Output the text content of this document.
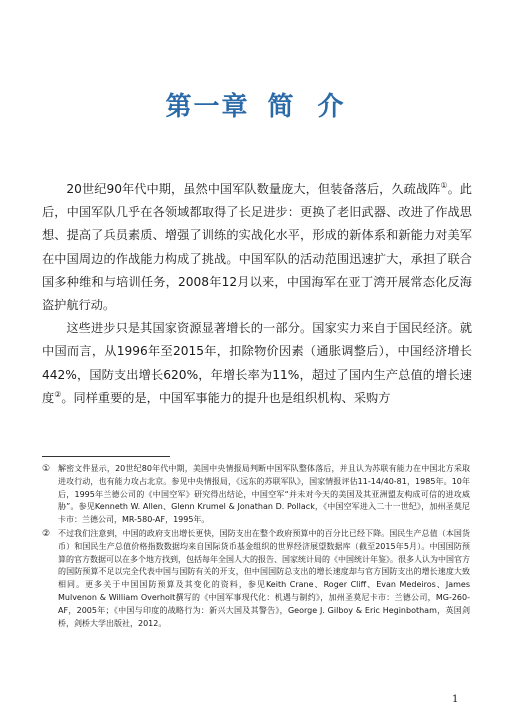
第一章 简 介

20世纪90年代中期，虽然中国军队数量庞大，但装备落后，久疏战阵①。此后，中国军队几乎在各领域都取得了长足进步：更换了老旧武器、改进了作战思想、提高了兵员素质、增强了训练的实战化水平，形成的新体系和新能力对美军在中国周边的作战能力构成了挑战。中国军队的活动范围迅速扩大，承担了联合国多种维和与培训任务，2008年12月以来，中国海军在亚丁湾开展常态化反海盗护航行动。

这些进步只是其国家资源显著增长的一部分。国家实力来自于国民经济。就中国而言，从1996年至2015年，扣除物价因素（通胀调整后），中国经济增长442%，国防支出增长620%，年增长率为11%，超过了国内生产总值的增长速度②。同样重要的是，中国军事能力的提升也是组织机构、采购方

① 解密文件显示，20世纪80年代中期，美国中央情报局判断中国军队整体落后，并且认为苏联有能力在中国北方采取进攻行动，也有能力攻占北京。参见中央情报局，《远东的苏联军队》，国家情报评估11-14/40-81，1985年。10年后，1995年兰德公司的《中国空军》研究得出结论，中国空军“并未对今天的美国及其亚洲盟友构成可信的进攻威胁”。参见Kenneth W. Allen、Glenn Krumel & Jonathan D. Pollack，《中国空军进入二十一世纪》，加州圣莫尼卡市：兰德公司，MR-580-AF，1995年。
② 不过我们注意到，中国的政府支出增长更快，国防支出在整个政府预算中的百分比已经下降。国民生产总值（本国货币）和国民生产总值价格指数数据均来自国际货币基金组织的世界经济展望数据库（截至2015年5月）。中国国防预算的官方数据可以在多个地方找到，包括每年全国人大的报告、国家统计局的《中国统计年鉴》。很多人认为中国官方的国防预算不足以完全代表中国与国防有关的开支，但中国国防总支出的增长速度却与官方国防支出的增长速度大致相同。更多关于中国国防预算及其变化的资料，参见Keith Crane、Roger Cliff、Evan Medeiros、James Mulvenon & William Overholt撰写的《中国军事现代化：机遇与制约》，加州圣莫尼卡市：兰德公司，MG-260-AF，2005年；《中国与印度的战略行为：新兴大国及其警告》，George J. Gilboy & Eric Heginbotham，英国剑桥，剑桥大学出版社，2012。
1
